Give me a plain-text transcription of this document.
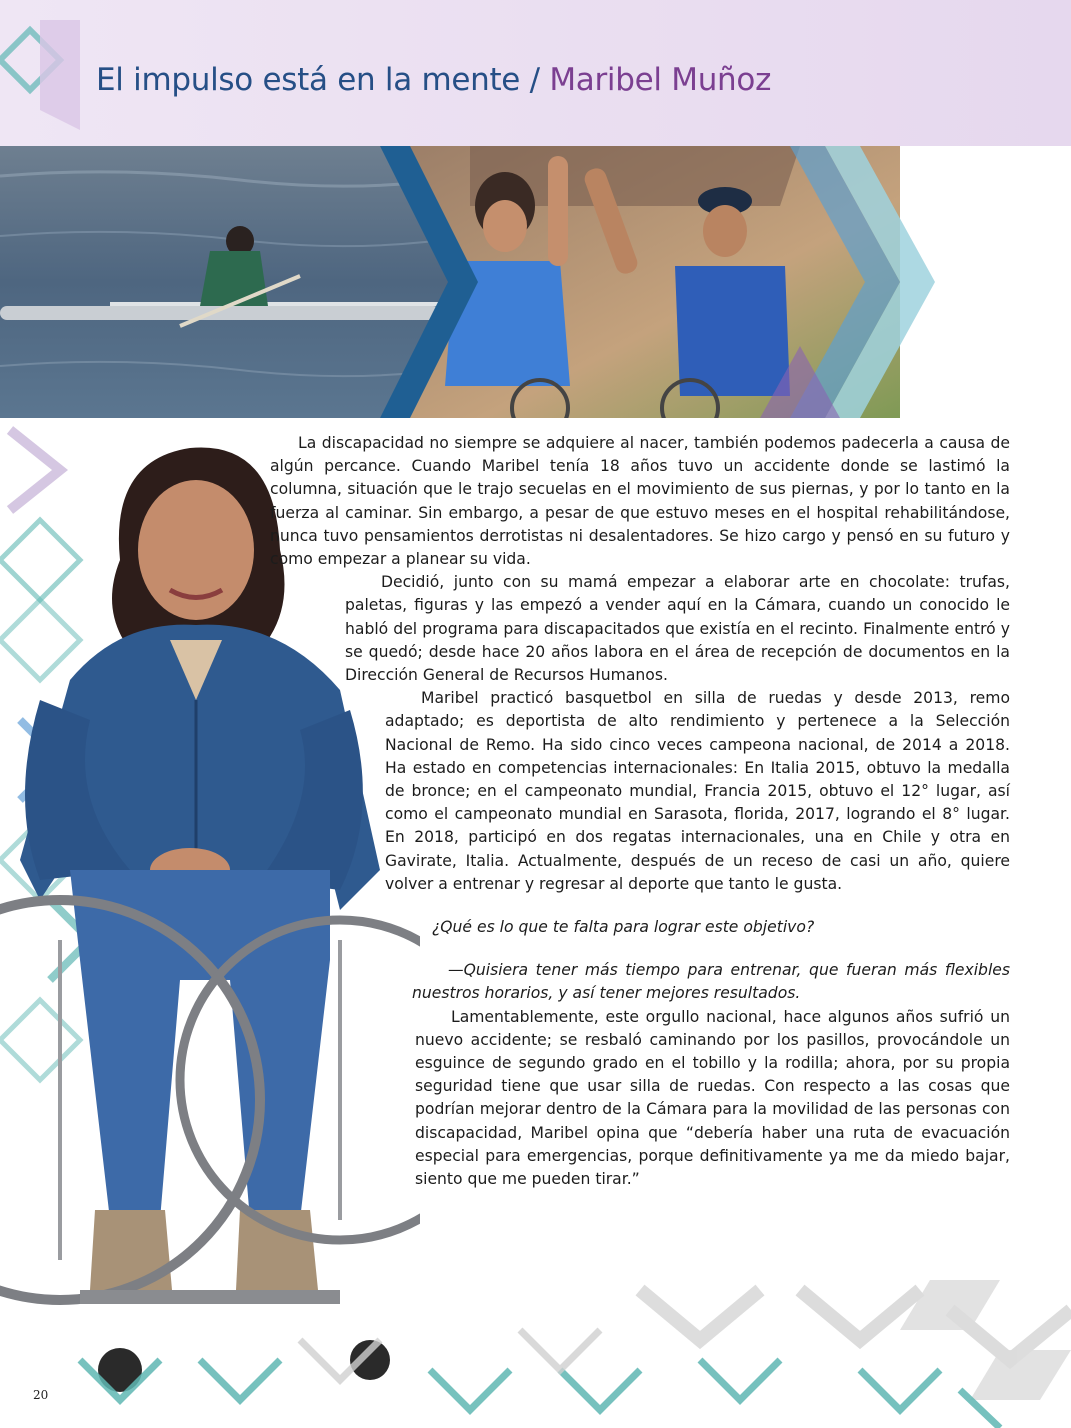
El impulso está en la mente / Maribel Muñoz

La discapacidad no siempre se adquiere al nacer, también podemos padecerla a causa de algún percance. Cuando Maribel tenía 18 años tuvo un accidente donde se lastimó la columna, situación que le trajo secuelas en el movimiento de sus piernas, y por lo tanto en la fuerza al caminar. Sin embargo, a pesar de que estuvo meses en el hospital rehabilitándose, nunca tuvo pensamientos derrotistas ni desalentadores. Se hizo cargo y pensó en su futuro y como empezar a planear su vida.

Decidió, junto con su mamá empezar a elaborar arte en chocolate: trufas, paletas, figuras y las empezó a vender aquí en la Cámara, cuando un conocido le habló del programa para discapacitados que existía en el recinto. Finalmente entró y se quedó; desde hace 20 años labora en el área de recepción de documentos en la Dirección General de Recursos Humanos.

Maribel practicó basquetbol en silla de ruedas y desde 2013, remo adaptado; es deportista de alto rendimiento y pertenece a la Selección Nacional de Remo. Ha sido cinco veces campeona nacional, de 2014 a 2018. Ha estado en competencias internacionales: En Italia 2015, obtuvo la medalla de bronce; en el campeonato mundial, Francia 2015, obtuvo el 12° lugar, así como el campeonato mundial en Sarasota, florida, 2017, logrando el 8° lugar. En 2018, participó en dos regatas internacionales, una en Chile y otra en Gavirate, Italia. Actualmente, después de un receso de casi un año, quiere volver a entrenar y regresar al deporte que tanto le gusta.

¿Qué es lo que te falta para lograr este objetivo?

—Quisiera tener más tiempo para entrenar, que fueran más flexibles nuestros horarios, y así tener mejores resultados.

Lamentablemente, este orgullo nacional, hace algunos años sufrió un nuevo accidente; se resbaló caminando por los pasillos, provocándole un esguince de segundo grado en el tobillo y la rodilla; ahora, por su propia seguridad tiene que usar silla de ruedas. Con respecto a las cosas que podrían mejorar dentro de la Cámara para la movilidad de las personas con discapacidad, Maribel opina que “debería haber una ruta de evacuación especial para emergencias, porque definitivamente ya me da miedo bajar, siento que me pueden tirar.”

20
